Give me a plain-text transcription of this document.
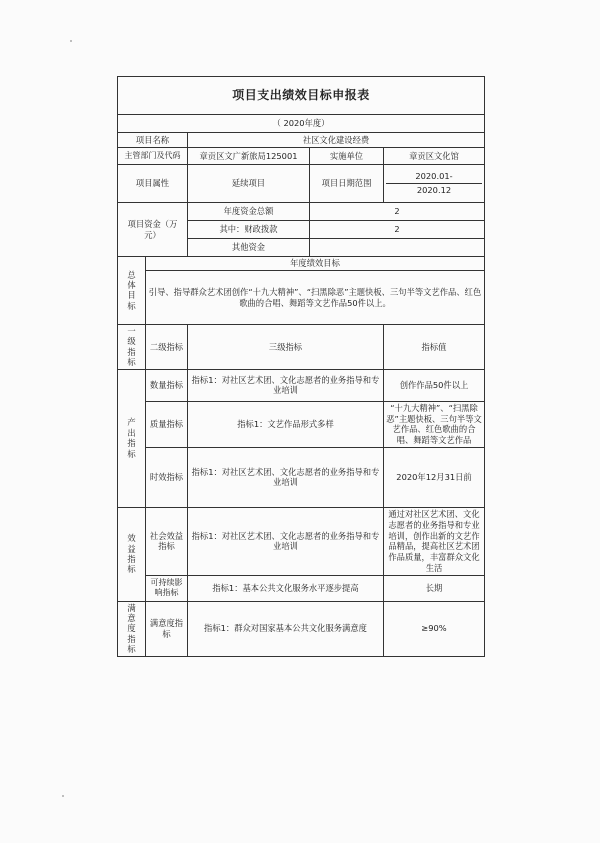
项目支出绩效目标申报表				
（ 2020年度）				
项目名称		社区文化建设经费		
主管部门及代码		章贡区文广新旅局125001	实施单位	章贡区文化馆
项目属性		延续项目	项目日期范围	2020.01-
2020.12

项目资金（万元）		年度资金总额	2	
		其中：财政拨款	2	
		其他资金		
总体目标	年度绩效目标			
	引导、指导群众艺术团创作“十九大精神”、“扫黑除恶”主题快板、三句半等文艺作品、红色歌曲的合唱、舞蹈等文艺作品50件以上。			
一级指标	二级指标	三级指标		指标值
产出指标	数量指标	指标1：对社区艺术团、文化志愿者的业务指导和专业培训		创作作品50件以上
	质量指标	指标1：文艺作品形式多样		“十九大精神”、“扫黑除恶”主题快板、三句半等文艺作品、红色歌曲的合唱、舞蹈等文艺作品
	时效指标	指标1：对社区艺术团、文化志愿者的业务指导和专业培训		2020年12月31日前
效益指标	社会效益指标	指标1：对社区艺术团、文化志愿者的业务指导和专业培训		通过对社区艺术团、文化志愿者的业务指导和专业培训，创作出新的文艺作品精品，提高社区艺术团作品质量，丰富群众文化生活
	可持续影响指标	指标1：基本公共文化服务水平逐步提高		长期
满意度指标	满意度指标	指标1：群众对国家基本公共文化服务满意度		≥90%
